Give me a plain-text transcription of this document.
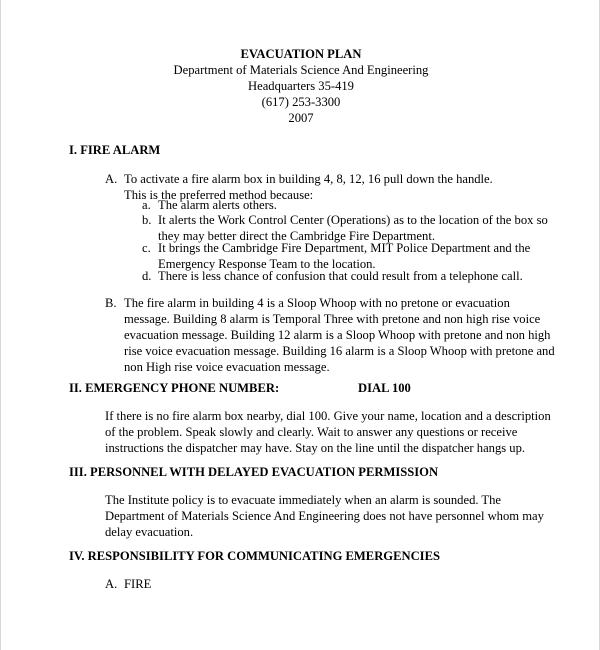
EVACUATION PLAN
Department of Materials Science And Engineering
Headquarters 35-419
(617) 253-3300
2007
I. FIRE ALARM
A. To activate a fire alarm box in building 4, 8, 12, 16 pull down the handle.
This is the preferred method because:
a. The alarm alerts others.
b. It alerts the Work Control Center (Operations) as to the location of the box so
they may better direct the Cambridge Fire Department.
c. It brings the Cambridge Fire Department, MIT Police Department and the
Emergency Response Team to the location.
d. There is less chance of confusion that could result from a telephone call.
B. The fire alarm in building 4 is a Sloop Whoop with no pretone or evacuation
message. Building 8 alarm is Temporal Three with pretone and non high rise voice
evacuation message. Building 12 alarm is a Sloop Whoop with pretone and non high
rise voice evacuation message. Building 16 alarm is a Sloop Whoop with pretone and
non High rise voice evacuation message.
II. EMERGENCY PHONE NUMBER:	DIAL 100
If there is no fire alarm box nearby, dial 100. Give your name, location and a description
of the problem. Speak slowly and clearly. Wait to answer any questions or receive
instructions the dispatcher may have. Stay on the line until the dispatcher hangs up.
III. PERSONNEL WITH DELAYED EVACUATION PERMISSION
The Institute policy is to evacuate immediately when an alarm is sounded. The
Department of Materials Science And Engineering does not have personnel whom may
delay evacuation.
IV. RESPONSIBILITY FOR COMMUNICATING EMERGENCIES
A. FIRE
